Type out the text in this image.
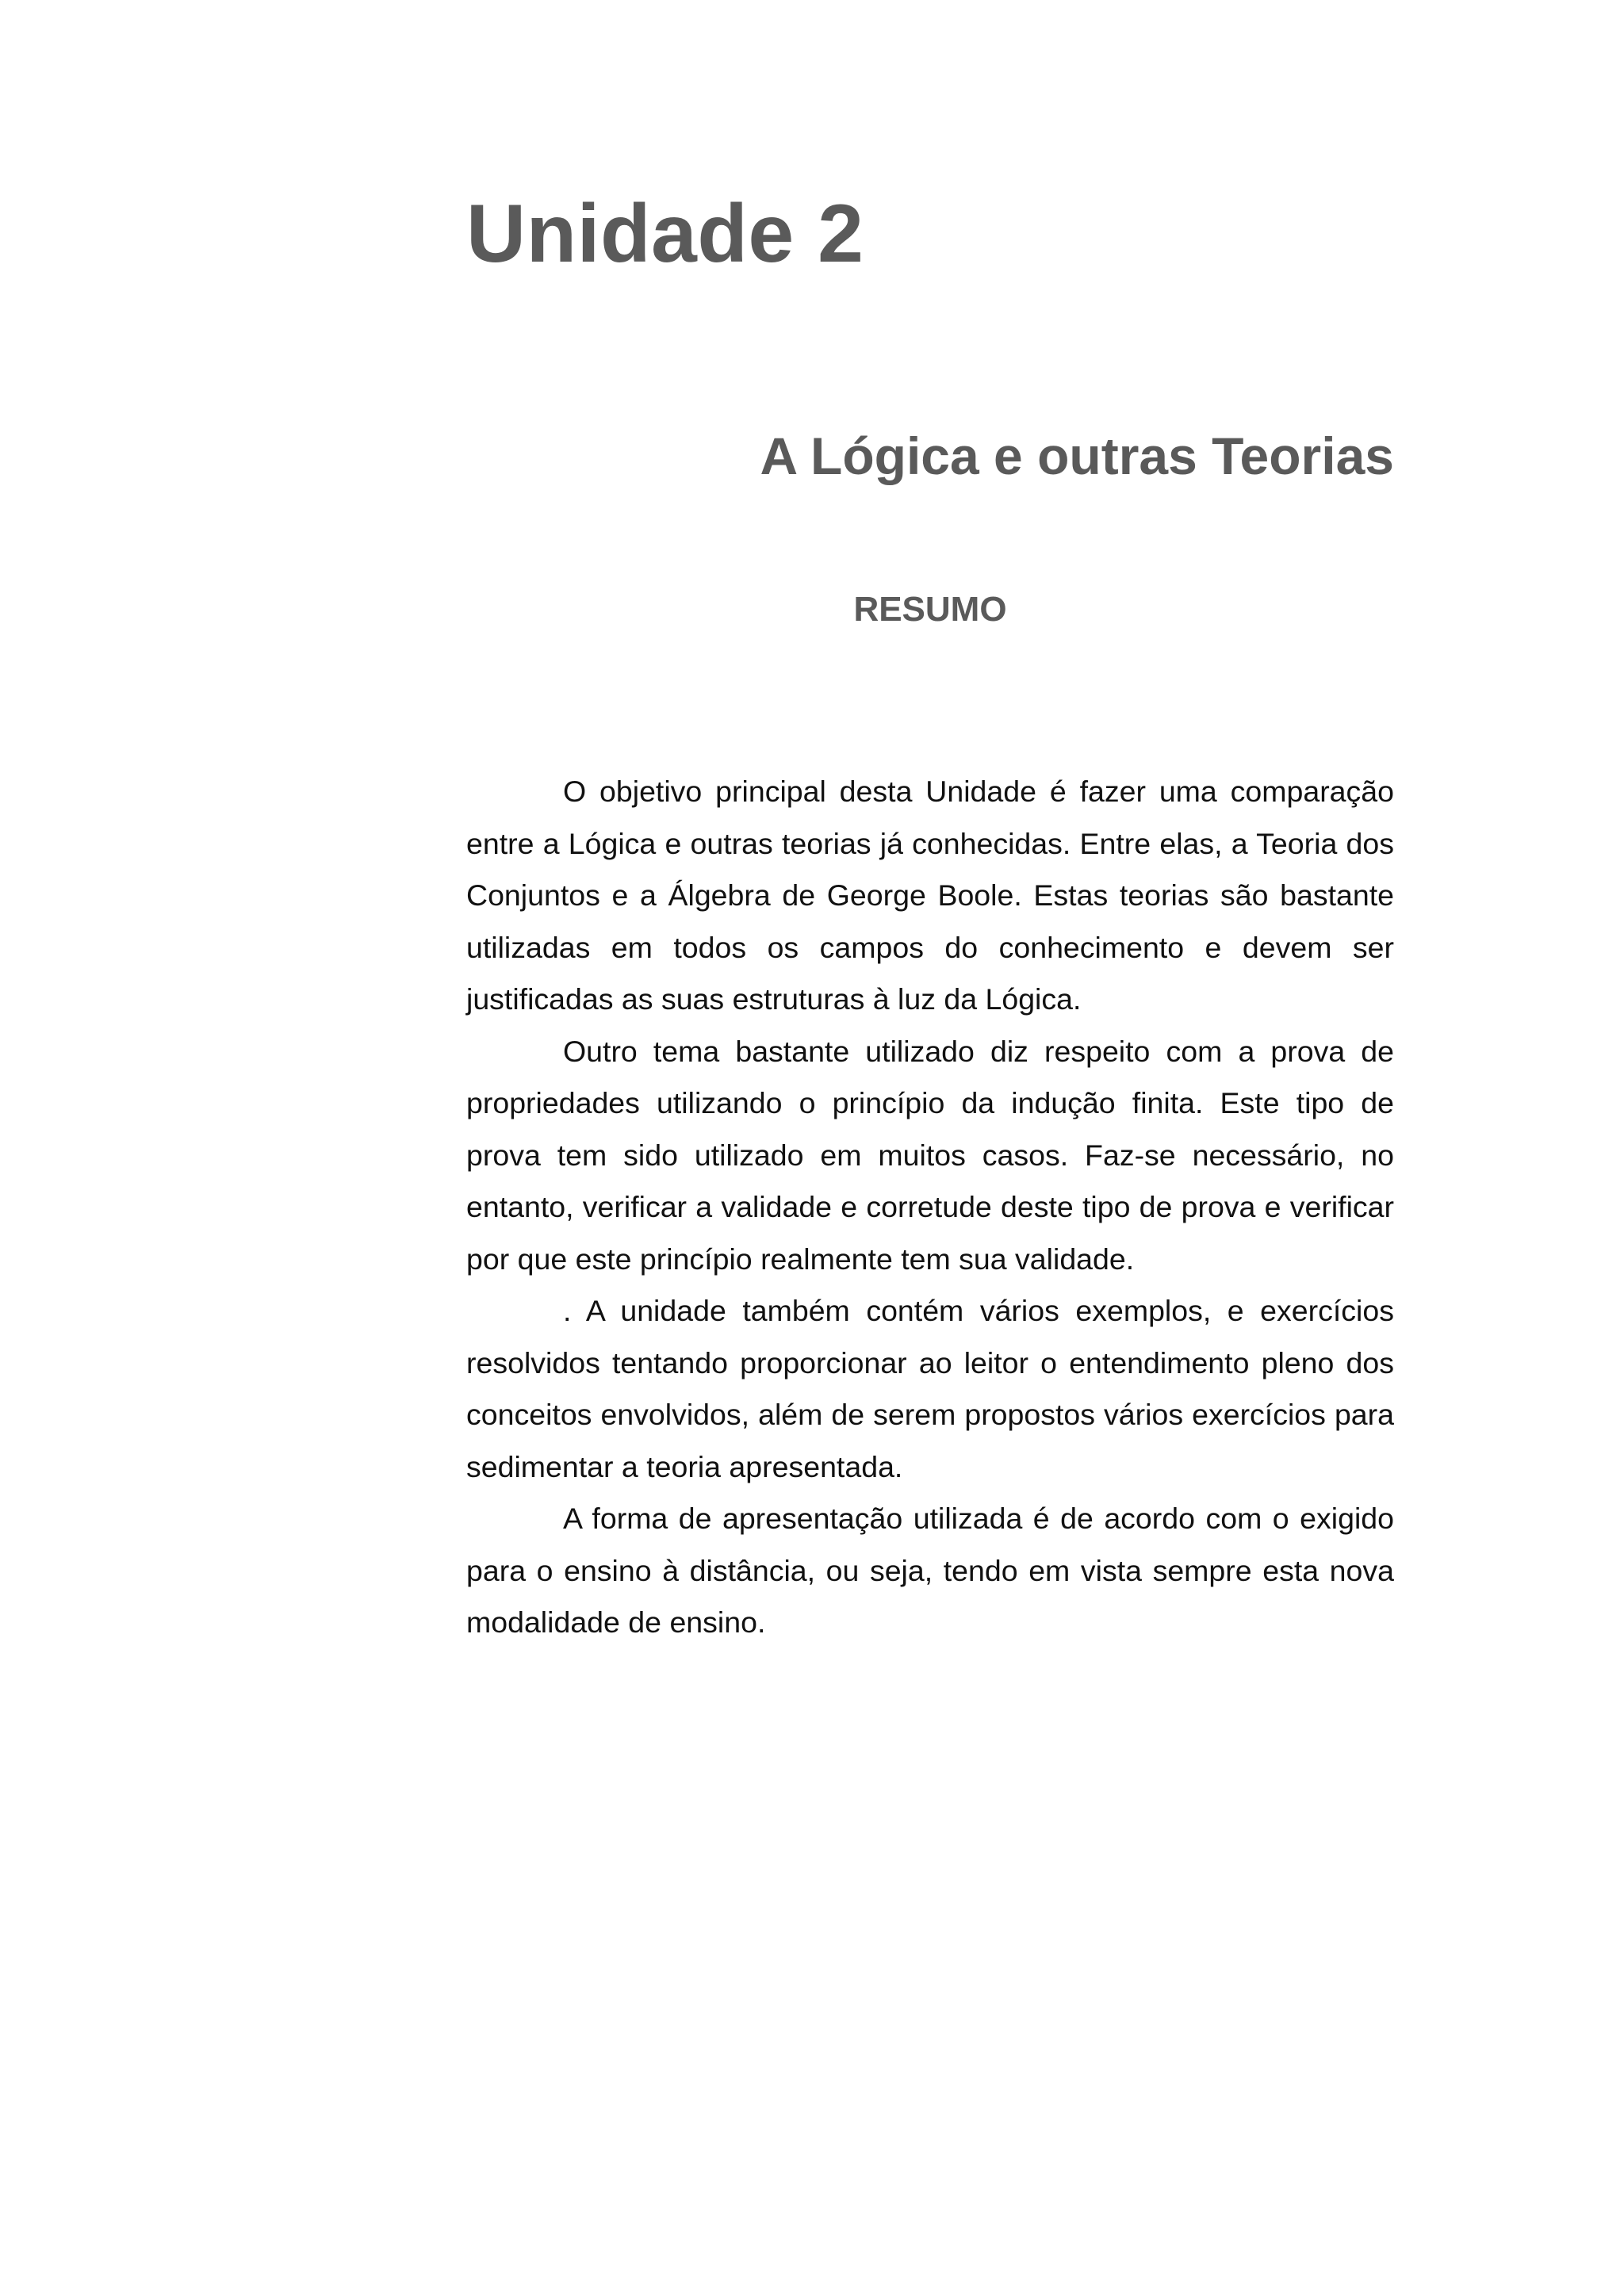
Unidade 2
A Lógica e outras Teorias
RESUMO

O objetivo principal desta Unidade é fazer uma comparação entre a Lógica e outras teorias já conhecidas. Entre elas, a Teoria dos Conjuntos e a Álgebra de George Boole. Estas teorias são bastante utilizadas em todos os campos do conhecimento e devem ser justificadas as suas estruturas à luz da Lógica.

Outro tema bastante utilizado diz respeito com a prova de propriedades utilizando o princípio da indução finita. Este tipo de prova tem sido utilizado em muitos casos. Faz-se necessário, no entanto, verificar a validade e corretude deste tipo de prova e verificar por que este princípio realmente tem sua validade.

. A unidade também contém vários exemplos, e exercícios resolvidos tentando proporcionar ao leitor o entendimento pleno dos conceitos envolvidos, além de serem propostos vários exercícios para sedimentar a teoria apresentada.

A forma de apresentação utilizada é de acordo com o exigido para o ensino à distância, ou seja, tendo em vista sempre esta nova modalidade de ensino.
